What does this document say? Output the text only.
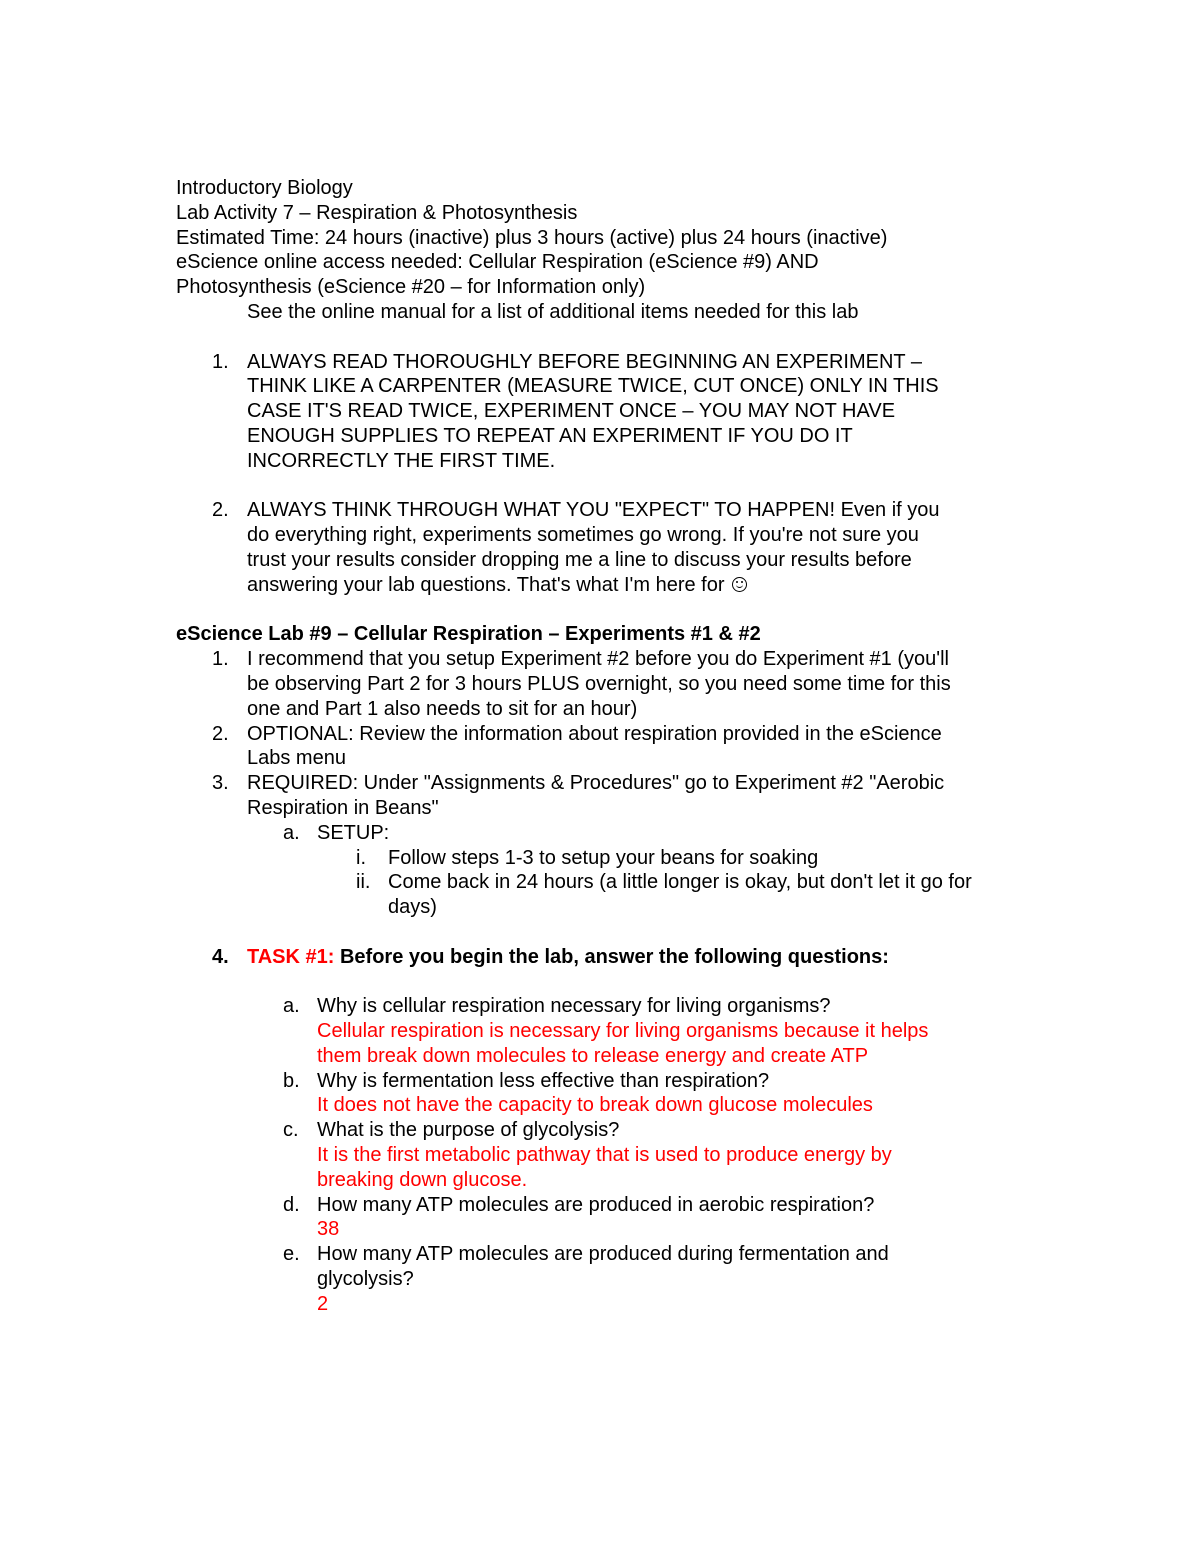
Introductory Biology
Lab Activity 7 – Respiration & Photosynthesis
Estimated Time: 24 hours (inactive) plus 3 hours (active) plus 24 hours (inactive)
eScience online access needed: Cellular Respiration (eScience #9) AND
Photosynthesis (eScience #20 – for Information only)
See the online manual for a list of additional items needed for this lab
1. ALWAYS READ THOROUGHLY BEFORE BEGINNING AN EXPERIMENT –
THINK LIKE A CARPENTER (MEASURE TWICE, CUT ONCE) ONLY IN THIS
CASE IT'S READ TWICE, EXPERIMENT ONCE – YOU MAY NOT HAVE
ENOUGH SUPPLIES TO REPEAT AN EXPERIMENT IF YOU DO IT
INCORRECTLY THE FIRST TIME.
2. ALWAYS THINK THROUGH WHAT YOU "EXPECT" TO HAPPEN! Even if you
do everything right, experiments sometimes go wrong. If you're not sure you
trust your results consider dropping me a line to discuss your results before
answering your lab questions. That's what I'm here for
eScience Lab #9 – Cellular Respiration – Experiments #1 & #2
1. I recommend that you setup Experiment #2 before you do Experiment #1 (you'll
be observing Part 2 for 3 hours PLUS overnight, so you need some time for this
one and Part 1 also needs to sit for an hour)
2. OPTIONAL: Review the information about respiration provided in the eScience
Labs menu
3. REQUIRED: Under "Assignments & Procedures" go to Experiment #2 "Aerobic
Respiration in Beans"
a. SETUP:
i. Follow steps 1-3 to setup your beans for soaking
ii. Come back in 24 hours (a little longer is okay, but don't let it go for
days)
4. TASK #1: Before you begin the lab, answer the following questions:
a. Why is cellular respiration necessary for living organisms?
Cellular respiration is necessary for living organisms because it helps
them break down molecules to release energy and create ATP
b. Why is fermentation less effective than respiration?
It does not have the capacity to break down glucose molecules
c. What is the purpose of glycolysis?
It is the first metabolic pathway that is used to produce energy by
breaking down glucose.
d. How many ATP molecules are produced in aerobic respiration?
38
e. How many ATP molecules are produced during fermentation and
glycolysis?
2
